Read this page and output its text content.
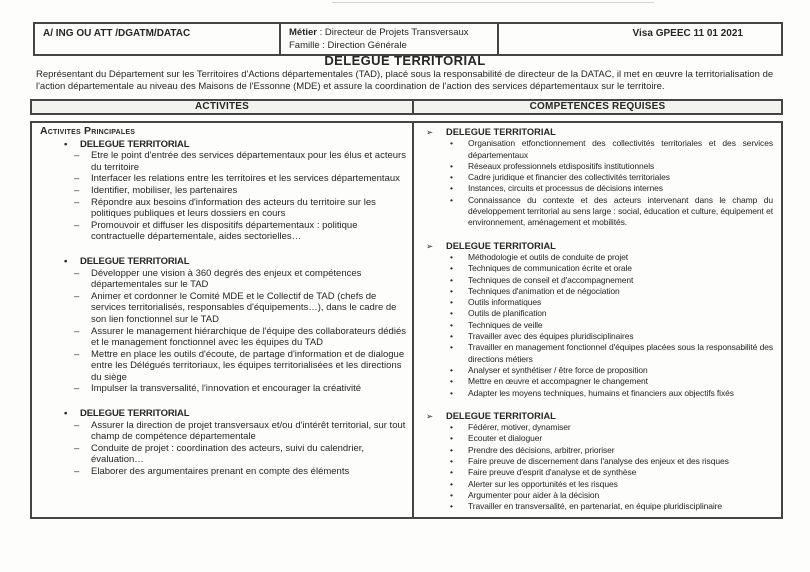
A/ ING OU ATT /DGATM/DATAC	Métier : Directeur de Projets Transversaux
Famille : Direction Générale
Visa GPEEC 11 01 2021
DELEGUE TERRITORIAL
Représentant du Département sur les Territoires d'Actions départementales (TAD), placé sous la responsabilité de directeur de la DATAC, il met en œuvre la territorialisation de l'action départementale au niveau des Maisons de l'Essonne (MDE) et assure la coordination de l'action des services départementaux sur le territoire.
ACTIVITES	COMPETENCES REQUISES
Activites Principales
•	DELEGUE TERRITORIAL
–	Etre le point d'entrée des services départementaux pour les élus et acteurs du territoire
–	Interfacer les relations entre les territoires et les services départementaux
–	Identifier, mobiliser, les partenaires
–	Répondre aux besoins d'information des acteurs du territoire sur les politiques publiques et leurs dossiers en cours
–	Promouvoir et diffuser les dispositifs départementaux : politique contractuelle départementale, aides sectorielles…
•	DELEGUE TERRITORIAL
–	Développer une vision à 360 degrés des enjeux et compétences départementales sur le TAD
–	Animer et cordonner le Comité MDE et le Collectif de TAD (chefs de services territorialisés, responsables d'équipements…), dans le cadre de son lien fonctionnel sur le TAD
–	Assurer le management hiérarchique de l'équipe des collaborateurs dédiés et le management fonctionnel avec les équipes du TAD
–	Mettre en place les outils d'écoute, de partage d'information et de dialogue entre les Délégués territoriaux, les équipes territorialisées et les directions du siège
–	Impulser la transversalité, l'innovation et encourager la créativité
•	DELEGUE TERRITORIAL
–	Assurer la direction de projet transversaux et/ou d'intérêt territorial, sur tout champ de compétence départementale
–	Conduite de projet : coordination des acteurs, suivi du calendrier, évaluation…
–	Elaborer des argumentaires prenant en compte des éléments
➢	DELEGUE TERRITORIAL
•	Organisation etfonctionnement des collectivités territoriales et des services départementaux
•	Réseaux professionnels etdispositifs institutionnels
•	Cadre juridique et financier des collectivités territoriales
•	Instances, circuits et processus de décisions internes
•	Connaissance du contexte et des acteurs intervenant dans le champ du développement territorial au sens large : social, éducation et culture, équipement et environnement, aménagement et mobilités.
➢	DELEGUE TERRITORIAL
•	Méthodologie et outils de conduite de projet
•	Techniques de communication écrite et orale
•	Techniques de conseil et d'accompagnement
•	Techniques d'animation et de négociation
•	Outils informatiques
•	Outils de planification
•	Techniques de veille
•	Travailler avec des équipes pluridisciplinaires
•	Travailler en management fonctionnel d'équipes placées sous la responsabilité des directions métiers
•	Analyser et synthétiser / être force de proposition
•	Mettre en œuvre et accompagner le changement
•	Adapter les moyens techniques, humains et financiers aux objectifs fixés
➢	DELEGUE TERRITORIAL
•	Fédérer, motiver, dynamiser
•	Ecouter et dialoguer
•	Prendre des décisions, arbitrer, prioriser
•	Faire preuve de discernement dans l'analyse des enjeux et des risques
•	Faire preuve d'esprit d'analyse et de synthèse
•	Alerter sur les opportunités et les risques
•	Argumenter pour aider à la décision
•	Travailler en transversalité, en partenariat, en équipe pluridisciplinaire
